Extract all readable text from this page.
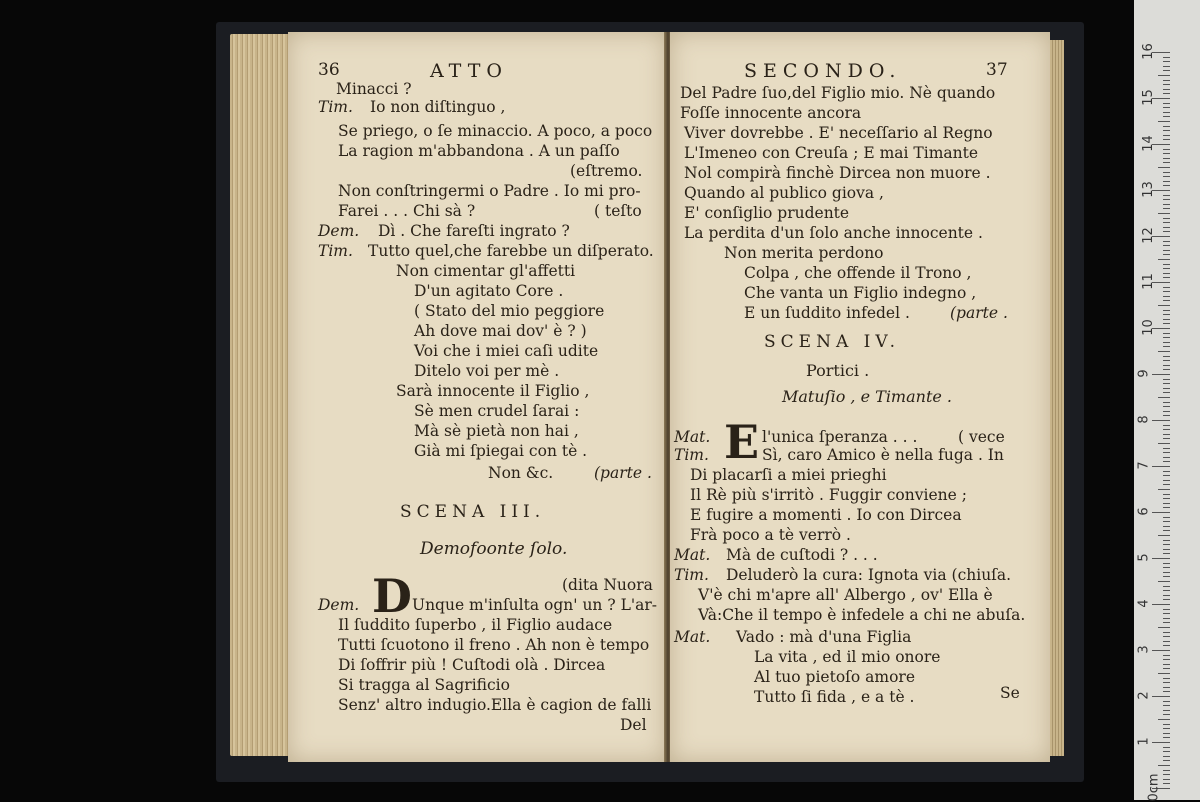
36	ATTO
Minacci ?
Tim. Io non diſtinguo ,
Se priego, o ſe minaccio. A poco, a poco
La ragion m'abbandona . A un paſſo
(eſtremo.
Non conſtringermi o Padre . Io mi pro-
Farei . . . Chi sà ?	( teſto
Dem. Dì . Che fareſti ingrato ?
Tim. Tutto quel,che farebbe un diſperato.
Non cimentar gl'affetti
D'un agitato Core .
( Stato del mio peggiore
Ah dove mai dov' è ? )
Voi che i miei caſi udite
Ditelo voi per mè .
Sarà innocente il Figlio ,
Sè men crudel ſarai :
Mà sè pietà non hai ,
Già mi ſpiegai con tè .
Non &c.	(parte .
SCENA III.
Demofoonte ſolo.
(dita Nuora
Dem. D Unque m'inſulta ogn' un ? L'ar-
Il ſuddito ſuperbo , il Figlio audace
Tutti ſcuotono il freno . Ah non è tempo
Di ſoffrir più ! Cuſtodi olà . Dircea
Si tragga al Sagrificio
Senz' altro indugio.Ella è cagion de falli
Del
SECONDO.	37
Del Padre ſuo,del Figlio mio. Nè quando
Foſſe innocente ancora
Viver dovrebbe . E' neceſſario al Regno
L'Imeneo con Creuſa ; E mai Timante
Nol compirà finchè Dircea non muore .
Quando al publico giova ,
E' conſiglio prudente
La perdita d'un ſolo anche innocente .
Non merita perdono
Colpa , che offende il Trono ,
Che vanta un Figlio indegno ,
E un ſuddito infedel .	(parte .
SCENA IV.
Portici .
Matuſio , e Timante .
E
Mat.	l'unica ſperanza . . .	( vece
Tim.	Sì, caro Amico è nella fuga . In
Di placarſi a miei prieghi
Il Rè più s'irritò . Fuggir conviene ;
E fugire a momenti . Io con Dircea
Frà poco a tè verrò .
Mat. Mà de cuſtodi ? . . .
Tim. Deluderò la cura: Ignota via (chiuſa.
V'è chi m'apre all' Albergo , ov' Ella è
Và:Che il tempo è infedele a chi ne abuſa.
Mat. Vado : mà d'una Figlia
La vita , ed il mio onore
Al tuo pietoſo amore
Tutto ſi fida , e a tè .	Se
0cm
1
2
3
4
5
6
7
8
9
10
11
12
13
14
15
16
